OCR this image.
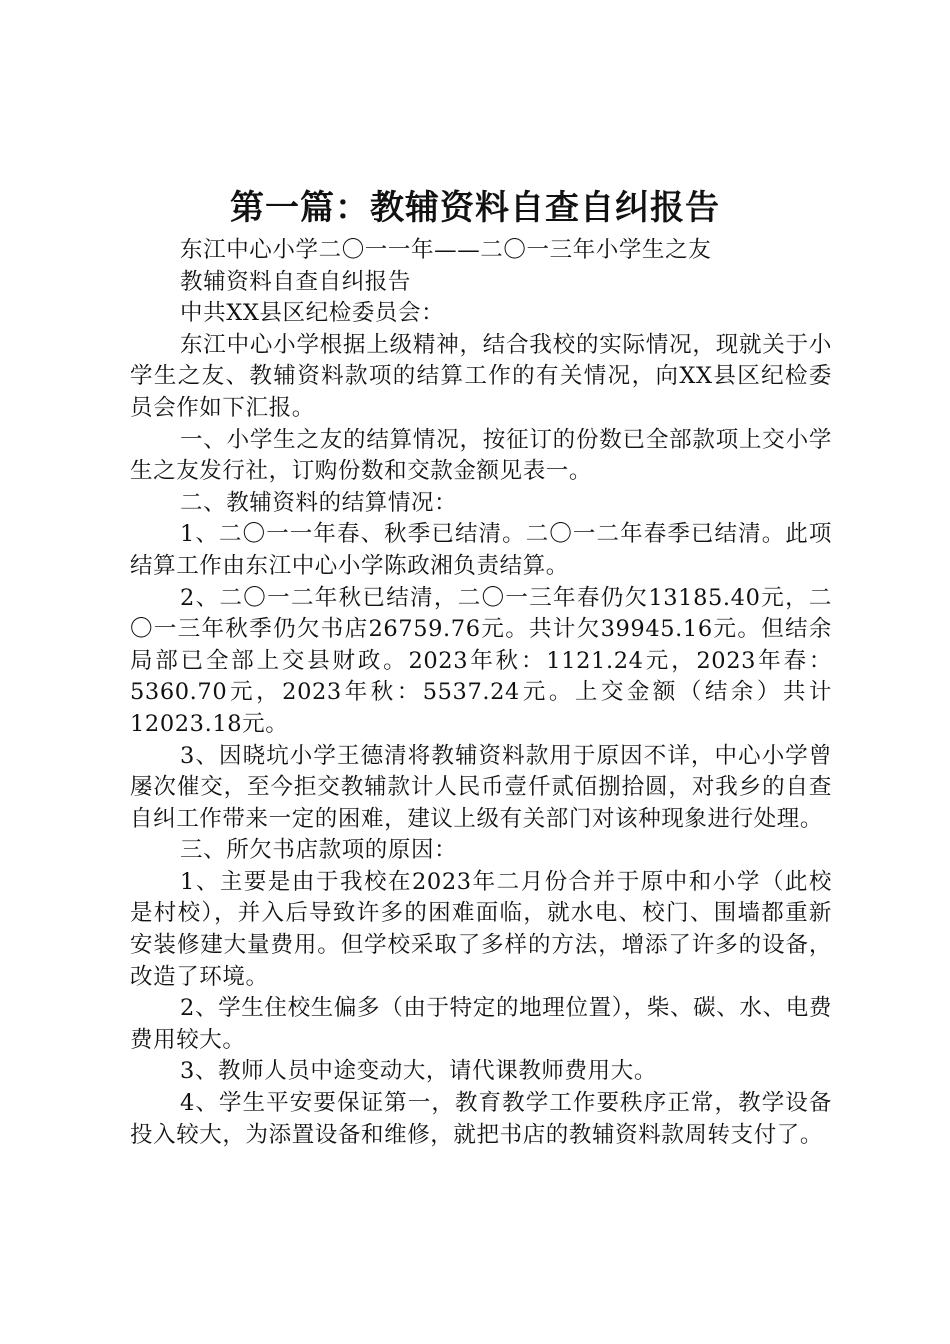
第一篇：教辅资料自查自纠报告

东江中心小学二〇一一年——二〇一三年小学生之友

教辅资料自查自纠报告

中共XX县区纪检委员会：

东江中心小学根据上级精神，结合我校的实际情况，现就关于小学生之友、教辅资料款项的结算工作的有关情况，向XX县区纪检委员会作如下汇报。

一、小学生之友的结算情况，按征订的份数已全部款项上交小学生之友发行社，订购份数和交款金额见表一。

二、教辅资料的结算情况：

1、二〇一一年春、秋季已结清。二〇一二年春季已结清。此项结算工作由东江中心小学陈政湘负责结算。

2、二〇一二年秋已结清，二〇一三年春仍欠13185.40元，二〇一三年秋季仍欠书店26759.76元。共计欠39945.16元。但结余局部已全部上交县财政。2023年秋：1121.24元，2023年春：5360.70元，2023年秋：5537.24元。上交金额（结余）共计12023.18元。

3、因晓坑小学王德清将教辅资料款用于原因不详，中心小学曾屡次催交，至今拒交教辅款计人民币壹仟贰佰捌拾圆，对我乡的自查自纠工作带来一定的困难，建议上级有关部门对该种现象进行处理。

三、所欠书店款项的原因：

1、主要是由于我校在2023年二月份合并于原中和小学（此校是村校），并入后导致许多的困难面临，就水电、校门、围墙都重新安装修建大量费用。但学校采取了多样的方法，增添了许多的设备，改造了环境。

2、学生住校生偏多（由于特定的地理位置），柴、碳、水、电费费用较大。

3、教师人员中途变动大，请代课教师费用大。

4、学生平安要保证第一，教育教学工作要秩序正常，教学设备投入较大，为添置设备和维修，就把书店的教辅资料款周转支付了。
